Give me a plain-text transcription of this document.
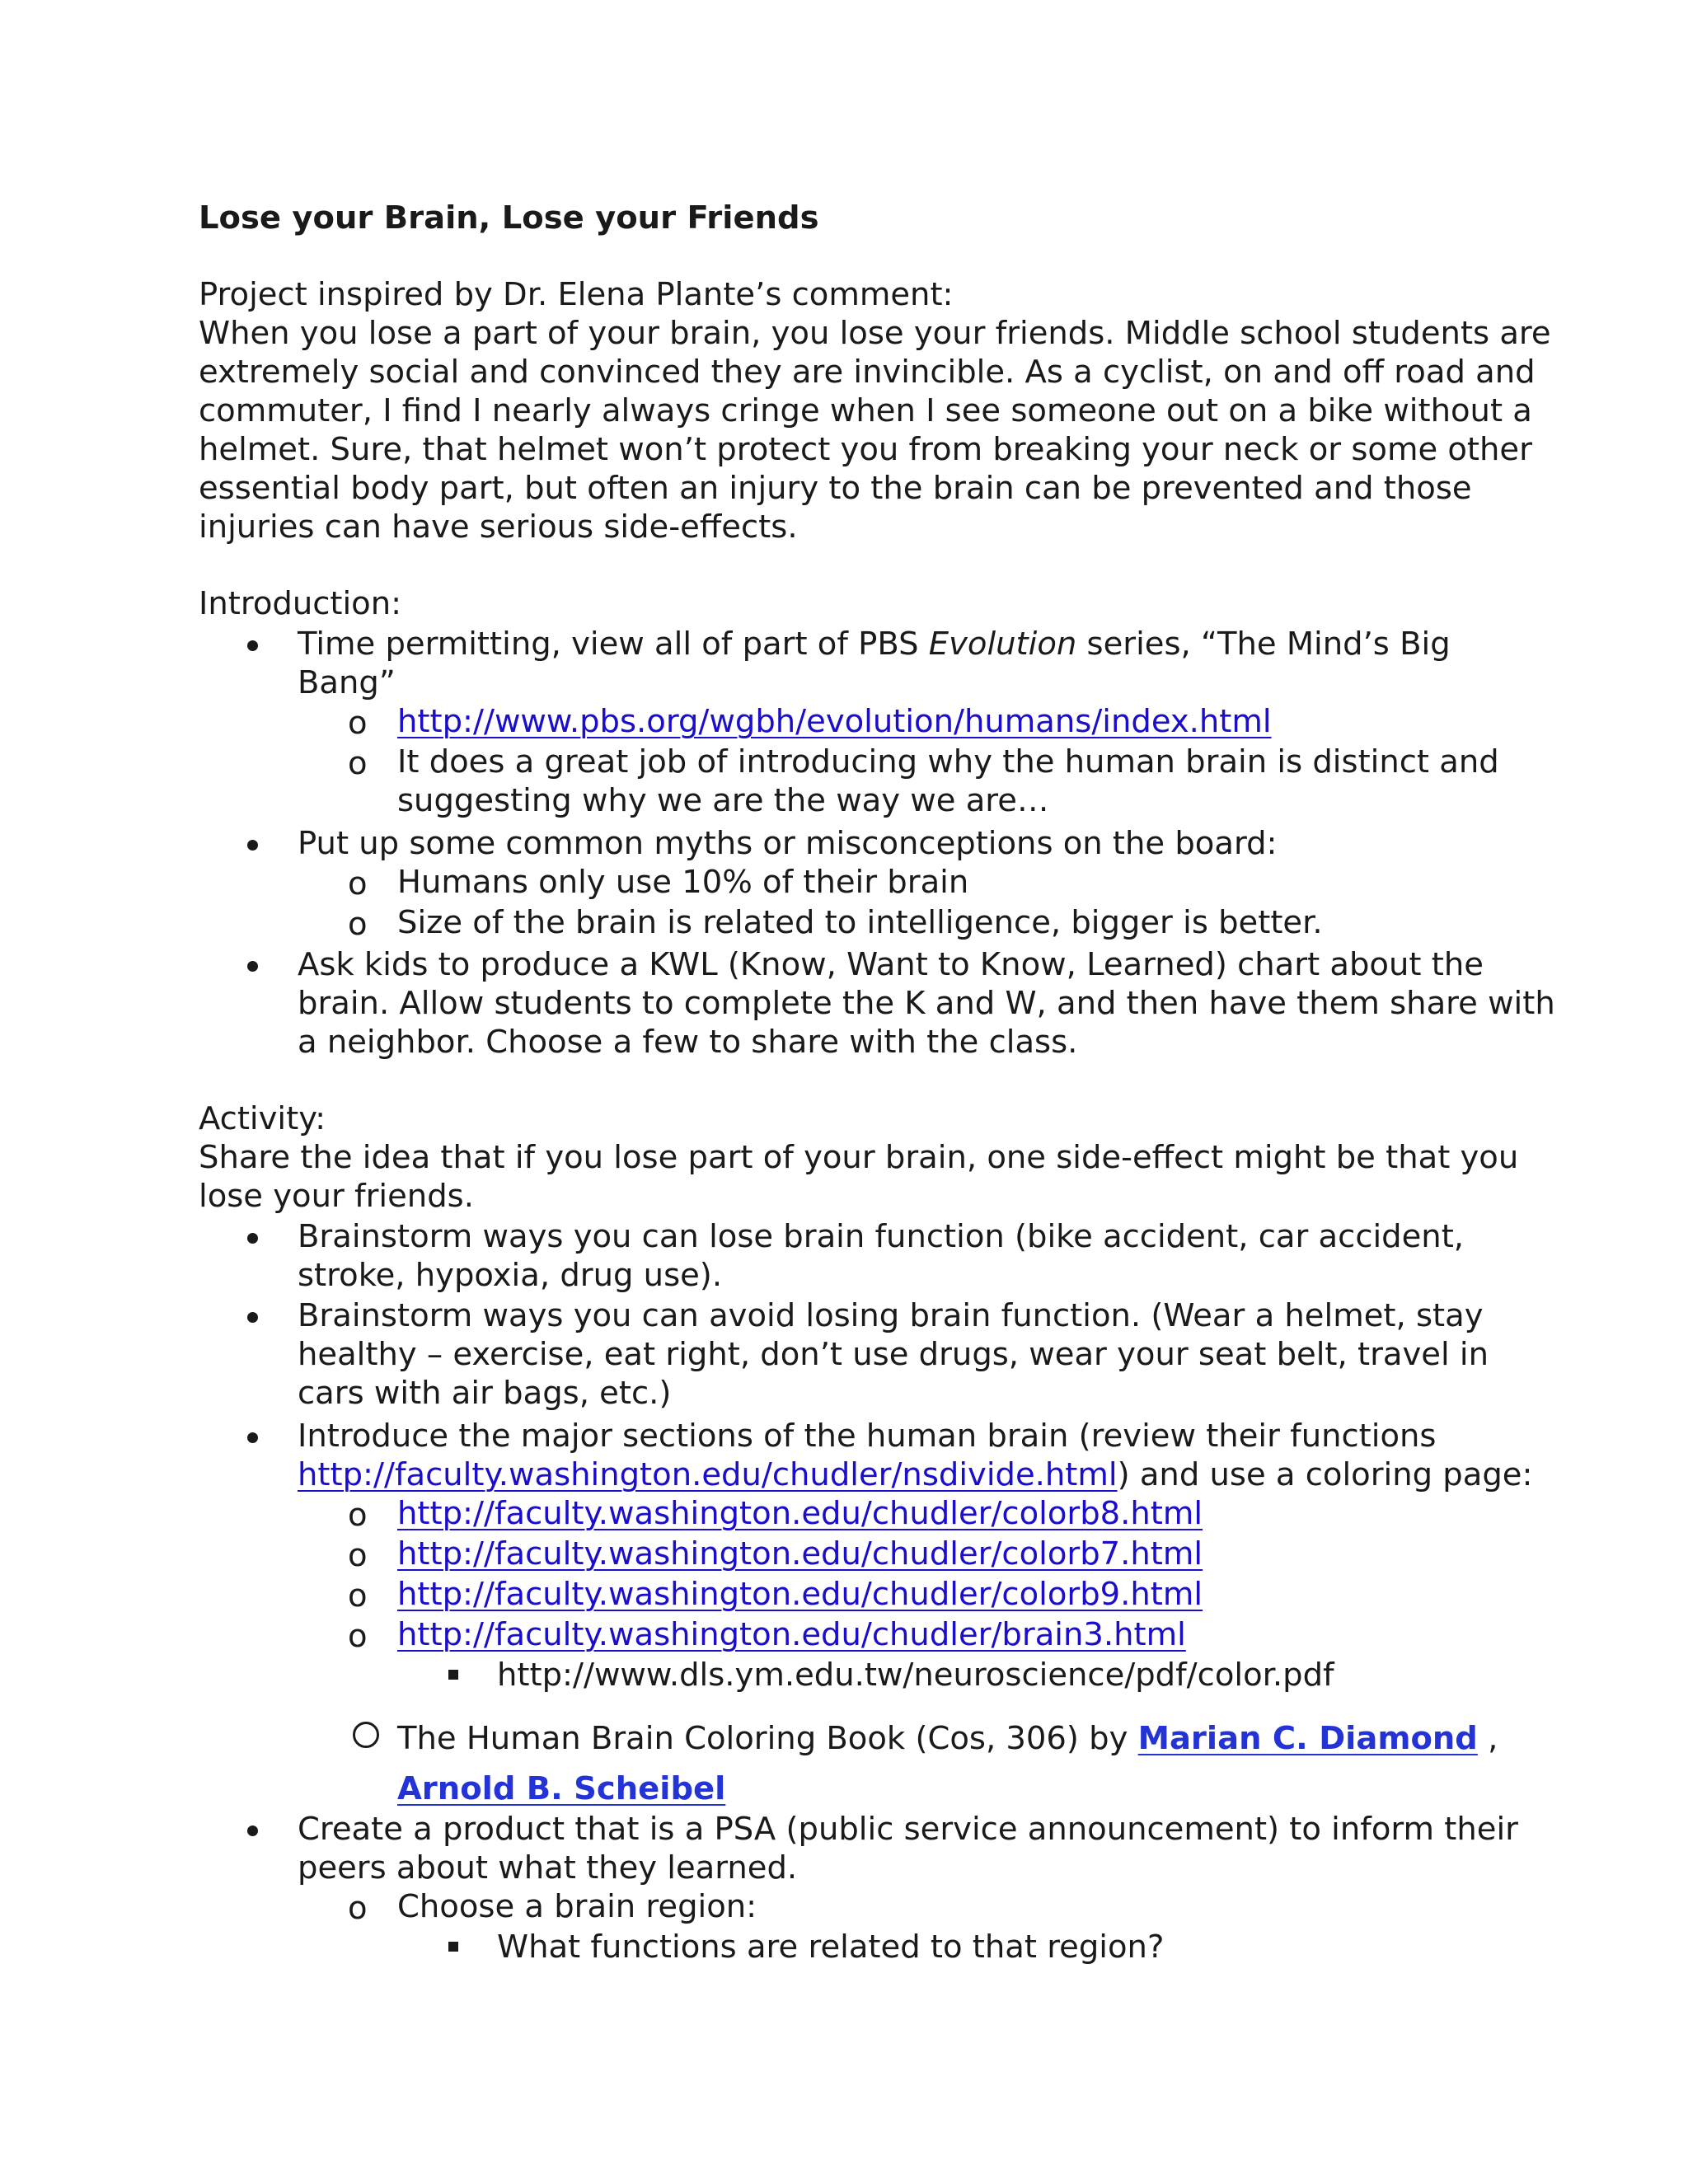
Lose your Brain, Lose your Friends
Project inspired by Dr. Elena Plante’s comment:
When you lose a part of your brain, you lose your friends. Middle school students are
extremely social and convinced they are invincible. As a cyclist, on and off road and
commuter, I find I nearly always cringe when I see someone out on a bike without a
helmet. Sure, that helmet won’t protect you from breaking your neck or some other
essential body part, but often an injury to the brain can be prevented and those
injuries can have serious side-effects.
Introduction:
Time permitting, view all of part of PBS Evolution series, “The Mind’s Big
Bang”
o http://www.pbs.org/wgbh/evolution/humans/index.html
o It does a great job of introducing why the human brain is distinct and
suggesting why we are the way we are…
Put up some common myths or misconceptions on the board:
o Humans only use 10% of their brain
o Size of the brain is related to intelligence, bigger is better.
Ask kids to produce a KWL (Know, Want to Know, Learned) chart about the
brain. Allow students to complete the K and W, and then have them share with
a neighbor. Choose a few to share with the class.
Activity:
Share the idea that if you lose part of your brain, one side-effect might be that you
lose your friends.
Brainstorm ways you can lose brain function (bike accident, car accident,
stroke, hypoxia, drug use).
Brainstorm ways you can avoid losing brain function. (Wear a helmet, stay
healthy – exercise, eat right, don’t use drugs, wear your seat belt, travel in
cars with air bags, etc.)
Introduce the major sections of the human brain (review their functions
http://faculty.washington.edu/chudler/nsdivide.html) and use a coloring page:
o http://faculty.washington.edu/chudler/colorb8.html
o http://faculty.washington.edu/chudler/colorb7.html
o http://faculty.washington.edu/chudler/colorb9.html
o http://faculty.washington.edu/chudler/brain3.html
http://www.dls.ym.edu.tw/neuroscience/pdf/color.pdf
The Human Brain Coloring Book (Cos, 306) by Marian C. Diamond ,
Arnold B. Scheibel
Create a product that is a PSA (public service announcement) to inform their
peers about what they learned.
o Choose a brain region:
What functions are related to that region?
